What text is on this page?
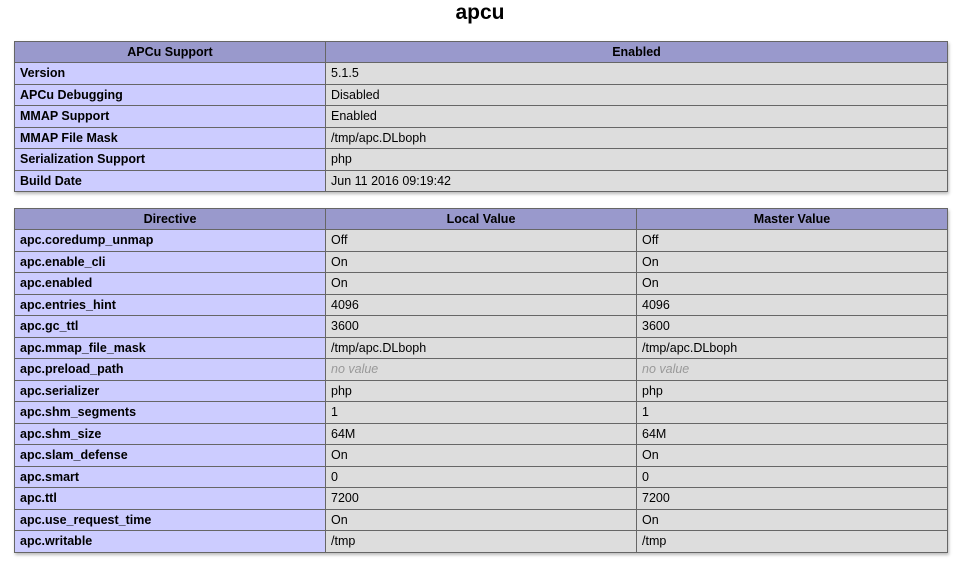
apcu
APCu Support	Enabled
Version	5.1.5
APCu Debugging	Disabled
MMAP Support	Enabled
MMAP File Mask	/tmp/apc.DLboph
Serialization Support	php
Build Date	Jun 11 2016 09:19:42
Directive	Local Value	Master Value
apc.coredump_unmap	Off	Off
apc.enable_cli	On	On
apc.enabled	On	On
apc.entries_hint	4096	4096
apc.gc_ttl	3600	3600
apc.mmap_file_mask	/tmp/apc.DLboph	/tmp/apc.DLboph
apc.preload_path	no value	no value
apc.serializer	php	php
apc.shm_segments	1	1
apc.shm_size	64M	64M
apc.slam_defense	On	On
apc.smart	0	0
apc.ttl	7200	7200
apc.use_request_time	On	On
apc.writable	/tmp	/tmp
